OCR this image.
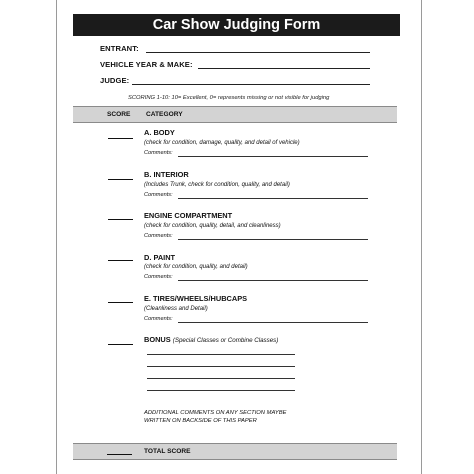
Car Show Judging Form
ENTRANT:
VEHICLE YEAR & MAKE:
JUDGE:
SCORING 1-10: 10= Excellent, 0= represents missing or not visible for judging
SCORE CATEGORY
A. BODY
(check for condition, damage, quality, and detail of vehicle)
Comments:
B. INTERIOR
(Includes Trunk, check for condition, quality, and detail)
Comments:
ENGINE COMPARTMENT
(check for condition, quality, detail, and cleanliness)
Comments:
D. PAINT
(check for condition, quality, and detail)
Comments:
E. TIRES/WHEELS/HUBCAPS
(Cleanliness and Detail)
Comments:
BONUS (Special Classes or Combine Classes)
ADDITIONAL COMMENTS ON ANY SECTION MAYBE
WRITTEN ON BACKSIDE OF THIS PAPER
TOTAL SCORE
